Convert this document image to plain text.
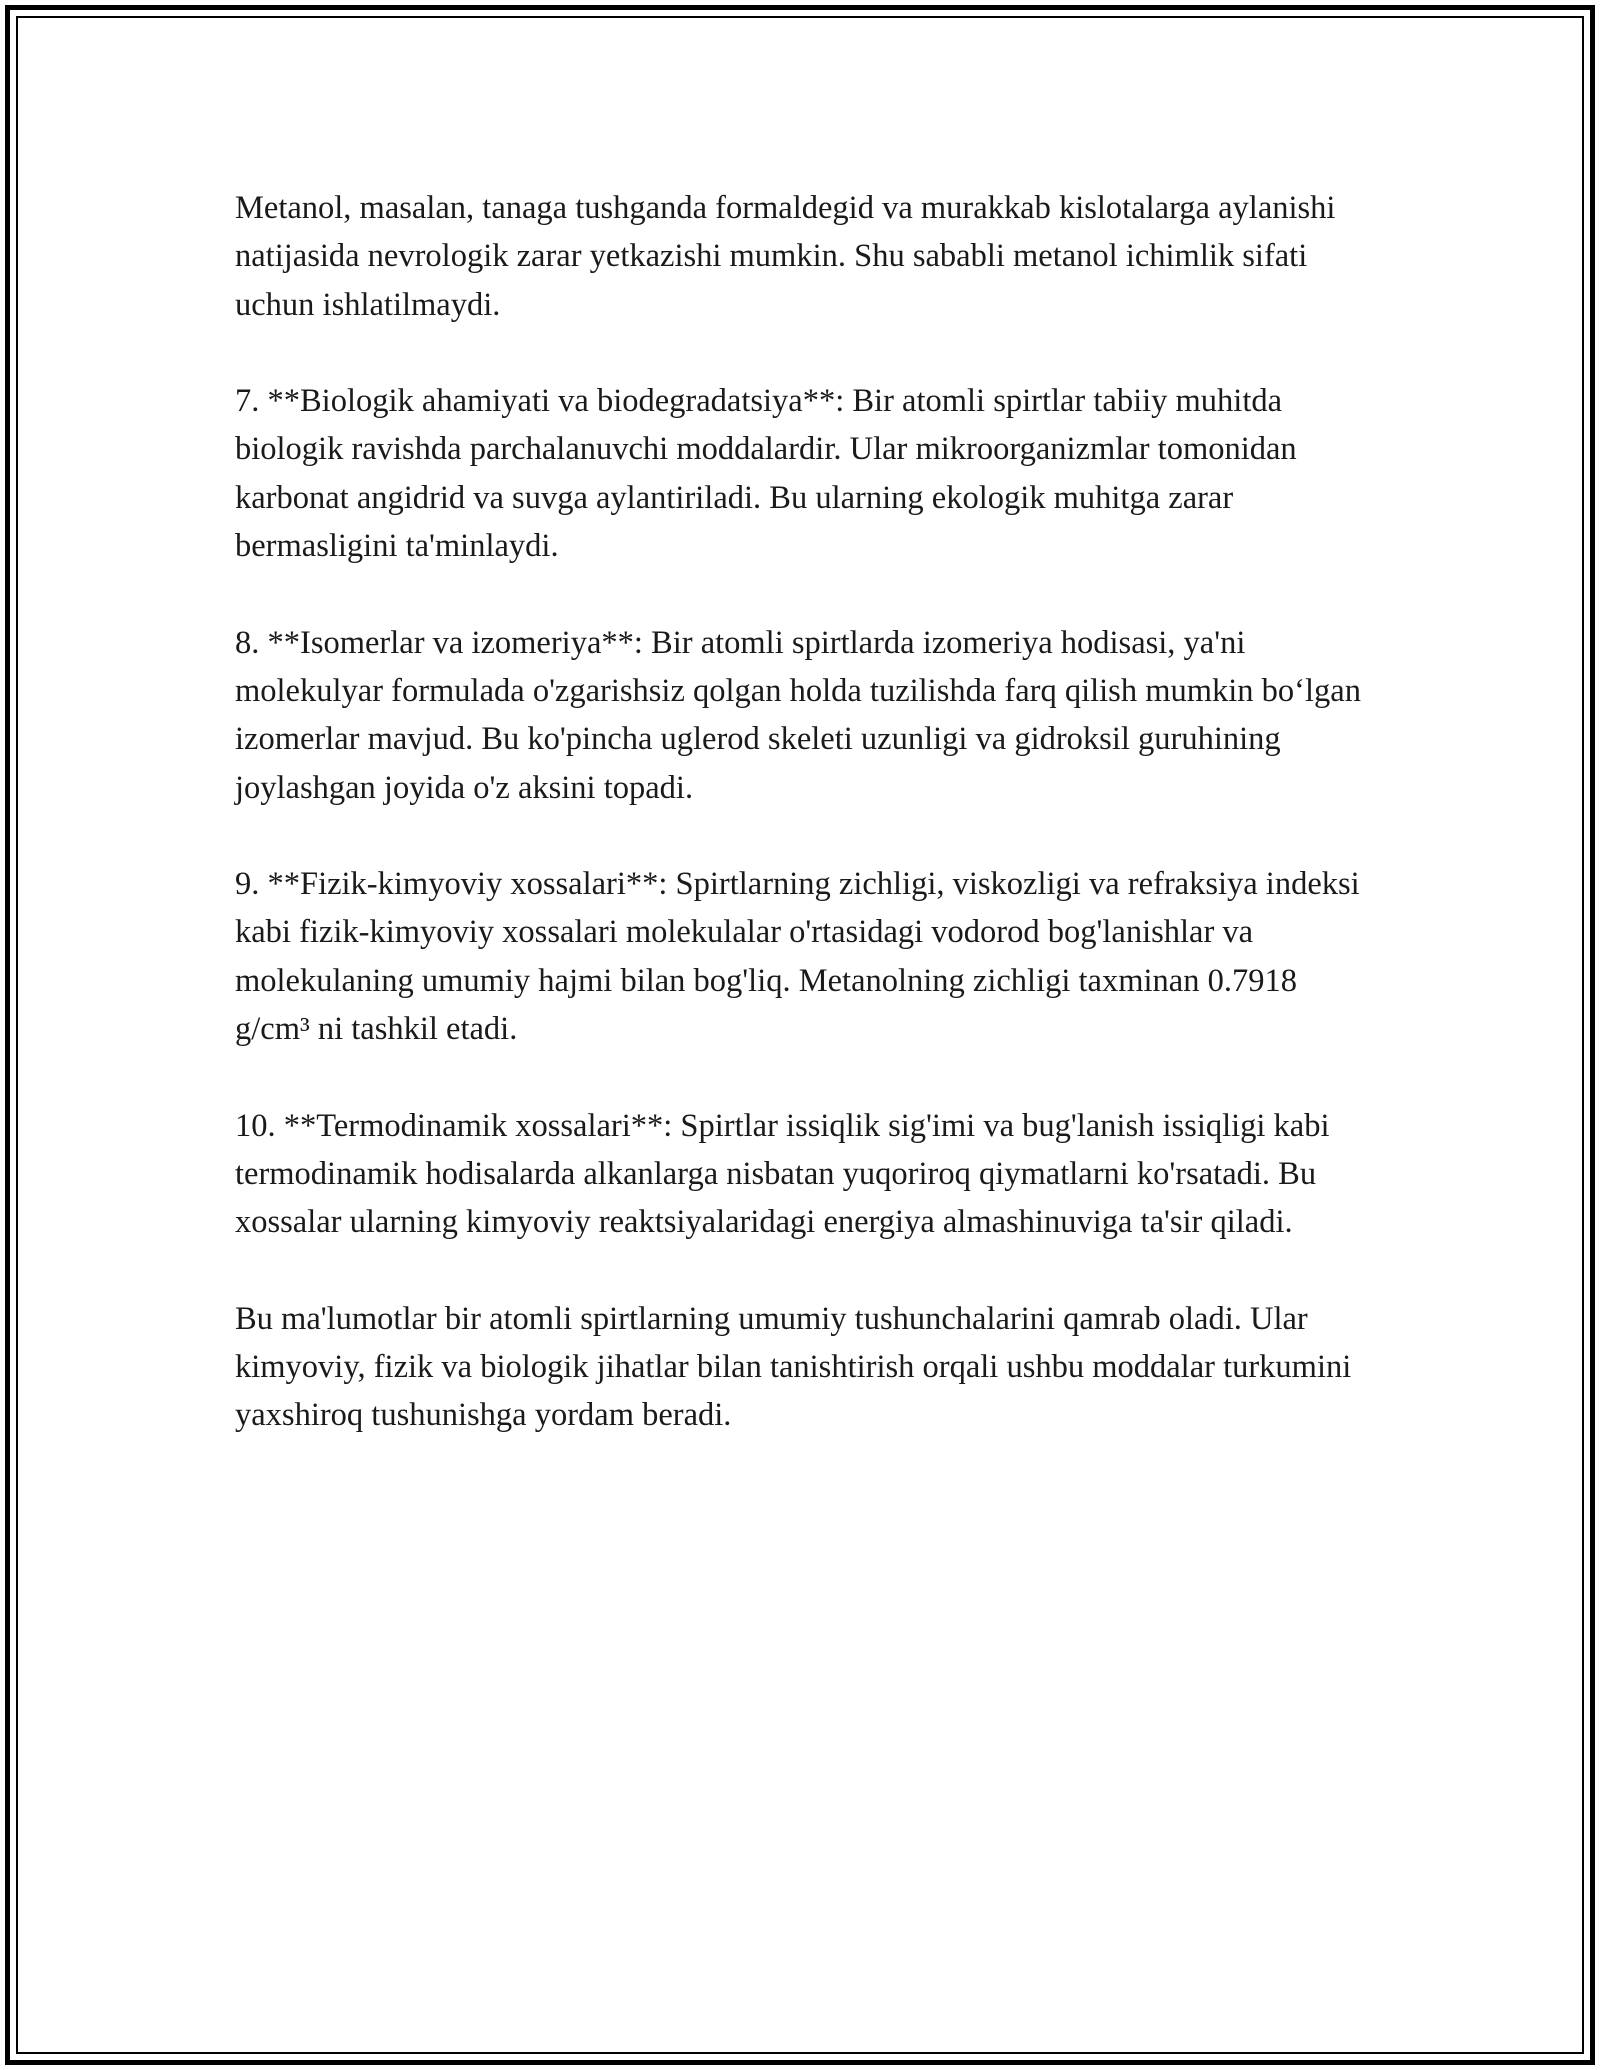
Metanol, masalan, tanaga tushganda formaldegid va murakkab kislotalarga aylanishi natijasida nevrologik zarar yetkazishi mumkin. Shu sababli metanol ichimlik sifati uchun ishlatilmaydi.

7. **Biologik ahamiyati va biodegradatsiya**: Bir atomli spirtlar tabiiy muhitda biologik ravishda parchalanuvchi moddalardir. Ular mikroorganizmlar tomonidan karbonat angidrid va suvga aylantiriladi. Bu ularning ekologik muhitga zarar bermasligini ta'minlaydi.

8. **Isomerlar va izomeriya**: Bir atomli spirtlarda izomeriya hodisasi, ya'ni molekulyar formulada o'zgarishsiz qolgan holda tuzilishda farq qilish mumkin bo‘lgan izomerlar mavjud. Bu ko'pincha uglerod skeleti uzunligi va gidroksil guruhining joylashgan joyida o'z aksini topadi.

9. **Fizik-kimyoviy xossalari**: Spirtlarning zichligi, viskozligi va refraksiya indeksi kabi fizik-kimyoviy xossalari molekulalar o'rtasidagi vodorod bog'lanishlar va molekulaning umumiy hajmi bilan bog'liq. Metanolning zichligi taxminan 0.7918 g/cm³ ni tashkil etadi.

10. **Termodinamik xossalari**: Spirtlar issiqlik sig'imi va bug'lanish issiqligi kabi termodinamik hodisalarda alkanlarga nisbatan yuqoriroq qiymatlarni ko'rsatadi. Bu xossalar ularning kimyoviy reaktsiyalaridagi energiya almashinuviga ta'sir qiladi.

Bu ma'lumotlar bir atomli spirtlarning umumiy tushunchalarini qamrab oladi. Ular kimyoviy, fizik va biologik jihatlar bilan tanishtirish orqali ushbu moddalar turkumini yaxshiroq tushunishga yordam beradi.
